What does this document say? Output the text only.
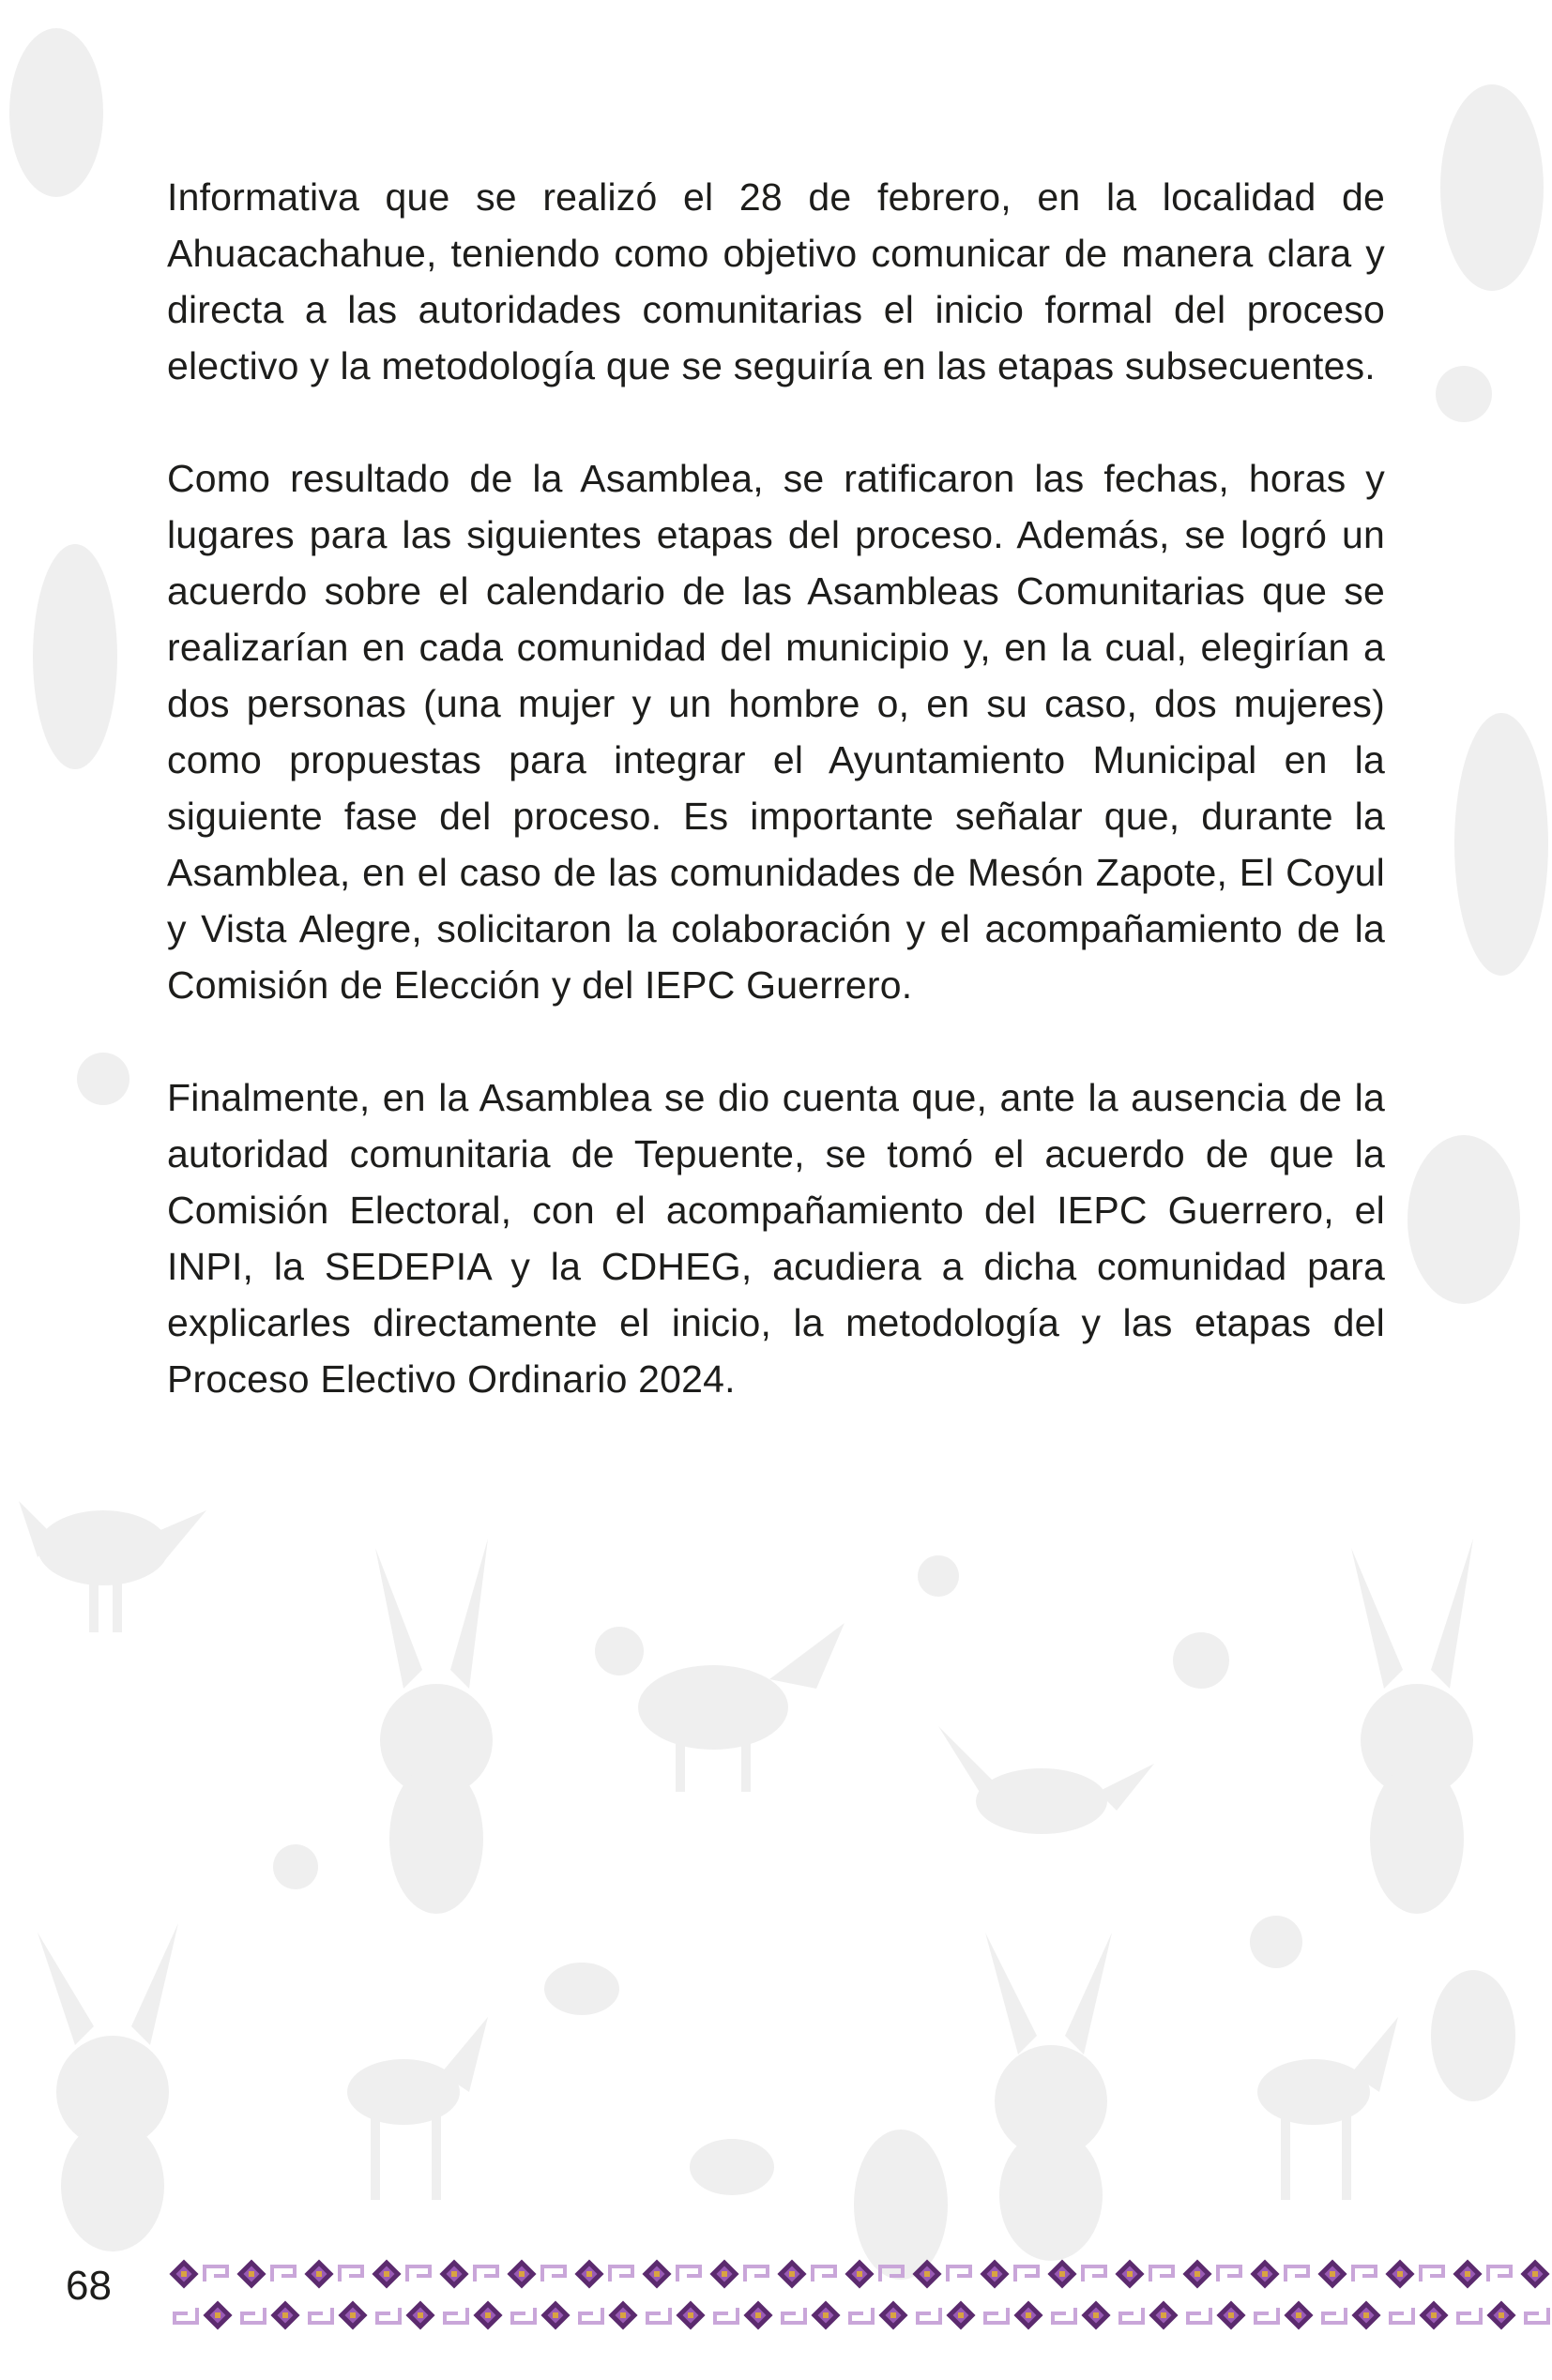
Informativa que se realizó el 28 de febrero, en la localidad de Ahuacachahue, teniendo como objetivo comunicar de manera clara y directa a las autoridades comunitarias el inicio formal del proceso electivo y la metodología que se seguiría en las etapas subsecuentes.

Como resultado de la Asamblea, se ratificaron las fechas, horas y lugares para las siguientes etapas del proceso. Además, se logró un acuerdo sobre el calendario de las Asambleas Comunitarias que se realizarían en cada comunidad del municipio y, en la cual, elegirían a dos personas (una mujer y un hombre o, en su caso, dos mujeres) como propuestas para integrar el Ayuntamiento Municipal en la siguiente fase del proceso. Es importante señalar que, durante la Asamblea, en el caso de las comunidades de Mesón Zapote, El Coyul y Vista Alegre, solicitaron la colaboración y el acompañamiento de la Comisión de Elección y del IEPC Guerrero.

Finalmente, en la Asamblea se dio cuenta que, ante la ausencia de la autoridad comunitaria de Tepuente, se tomó el acuerdo de que la Comisión Electoral, con el acompañamiento del IEPC Guerrero, el INPI, la SEDEPIA y la CDHEG, acudiera a dicha comunidad para explicarles directamente el inicio, la metodología y las etapas del Proceso Electivo Ordinario 2024.

68
